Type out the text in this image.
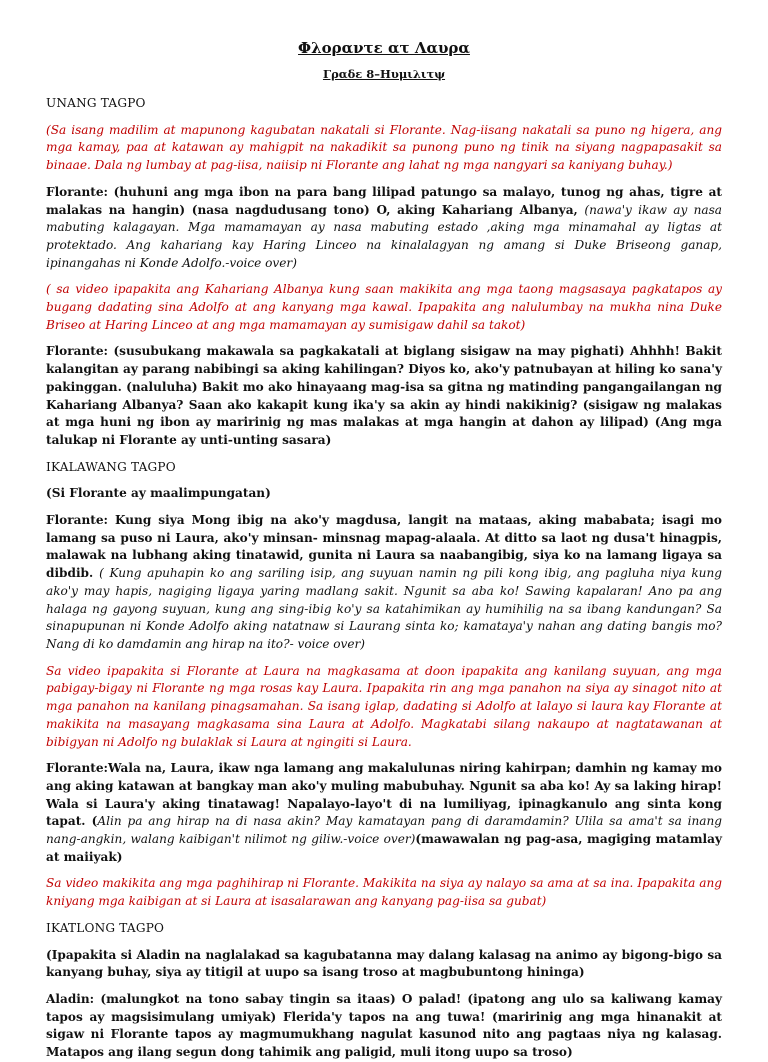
Φλοραντε ατ Λαυρα
Γραδε 8–Ηυμιλιτψ

UNANG TAGPO

(Sa isang madilim at mapunong kagubatan nakatali si Florante. Nag-iisang nakatali sa puno ng higera, ang mga kamay, paa at katawan ay mahigpit na nakadikit sa punong puno ng tinik na siyang nagpapasakit sa binaae. Dala ng lumbay at pag-iisa, naiisip ni Florante ang lahat ng mga nangyari sa kaniyang buhay.)

Florante: (huhuni ang mga ibon na para bang lilipad patungo sa malayo, tunog ng ahas, tigre at malakas na hangin) (nasa nagdudusang tono) O, aking Kahariang Albanya, (nawa'y ikaw ay nasa mabuting kalagayan. Mga mamamayan ay nasa mabuting estado ,aking mga minamahal ay ligtas at protektado. Ang kahariang kay Haring Linceo na kinalalagyan ng amang si Duke Briseong ganap, ipinangahas ni Konde Adolfo.-voice over)

( sa video ipapakita ang Kahariang Albanya kung saan makikita ang mga taong magsasaya pagkatapos ay bugang dadating sina Adolfo at ang kanyang mga kawal. Ipapakita ang nalulumbay na mukha nina Duke Briseo at Haring Linceo at ang mga mamamayan ay sumisigaw dahil sa takot)

Florante: (susubukang makawala sa pagkakatali at biglang sisigaw na may pighati) Ahhhh! Bakit kalangitan ay parang nabibingi sa aking kahilingan? Diyos ko, ako'y patnubayan at hiling ko sana'y pakinggan. (naluluha) Bakit mo ako hinayaang mag-isa sa gitna ng matinding pangangailangan ng Kahariang Albanya? Saan ako kakapit kung ika'y sa akin ay hindi nakikinig? (sisigaw ng malakas at mga huni ng ibon ay maririnig ng mas malakas at mga hangin at dahon ay lilipad) (Ang mga talukap ni Florante ay unti-unting sasara)

IKALAWANG TAGPO

(Si Florante ay maalimpungatan)

Florante: Kung siya Mong ibig na ako'y magdusa, langit na mataas, aking mababata; isagi mo lamang sa puso ni Laura, ako'y minsan- minsnag mapag-alaala. At ditto sa laot ng dusa't hinagpis, malawak na lubhang aking tinatawid, gunita ni Laura sa naabangibig, siya ko na lamang ligaya sa dibdib. ( Kung apuhapin ko ang sariling isip, ang suyuan namin ng pili kong ibig, ang pagluha niya kung ako'y may hapis, nagiging ligaya yaring madlang sakit. Ngunit sa aba ko! Sawing kapalaran! Ano pa ang halaga ng gayong suyuan, kung ang sing-ibig ko'y sa katahimikan ay humihilig na sa ibang kandungan? Sa sinapupunan ni Konde Adolfo aking natatnaw si Laurang sinta ko; kamataya'y nahan ang dating bangis mo? Nang di ko damdamin ang hirap na ito?- voice over)

Sa video ipapakita si Florante at Laura na magkasama at doon ipapakita ang kanilang suyuan, ang mga pabigay-bigay ni Florante ng mga rosas kay Laura. Ipapakita rin ang mga panahon na siya ay sinagot nito at mga panahon na kanilang pinagsamahan. Sa isang iglap, dadating si Adolfo at lalayo si laura kay Florante at makikita na masayang magkasama sina Laura at Adolfo. Magkatabi silang nakaupo at nagtatawanan at bibigyan ni Adolfo ng bulaklak si Laura at ngingiti si Laura.

Florante:Wala na, Laura, ikaw nga lamang ang makalulunas niring kahirpan; damhin ng kamay mo ang aking katawan at bangkay man ako'y muling mabubuhay. Ngunit sa aba ko! Ay sa laking hirap! Wala si Laura'y aking tinatawag! Napalayo-layo't di na lumiliyag, ipinagkanulo ang sinta kong tapat. (Alin pa ang hirap na di nasa akin? May kamatayan pang di daramdamin? Ulila sa ama't sa inang nang-angkin, walang kaibigan't nilimot ng giliw.-voice over)(mawawalan ng pag-asa, magiging matamlay at maiiyak)

Sa video makikita ang mga paghihirap ni Florante. Makikita na siya ay nalayo sa ama at sa ina. Ipapakita ang kniyang mga kaibigan at si Laura at isasalarawan ang kanyang pag-iisa sa gubat)

IKATLONG TAGPO

(Ipapakita si Aladin na naglalakad sa kagubatanna may dalang kalasag na animo ay bigong-bigo sa kanyang buhay, siya ay titigil at uupo sa isang troso at magbubuntong hininga)

Aladin: (malungkot na tono sabay tingin sa itaas) O palad! (ipatong ang ulo sa kaliwang kamay tapos ay magsisimulang umiyak) Flerida'y tapos na ang tuwa! (maririnig ang mga hinanakit at sigaw ni Florante tapos ay magmumukhang nagulat kasunod nito ang pagtaas niya ng kalasag. Matapos ang ilang segun dong tahimik ang paligid, muli itong uupo sa troso)
